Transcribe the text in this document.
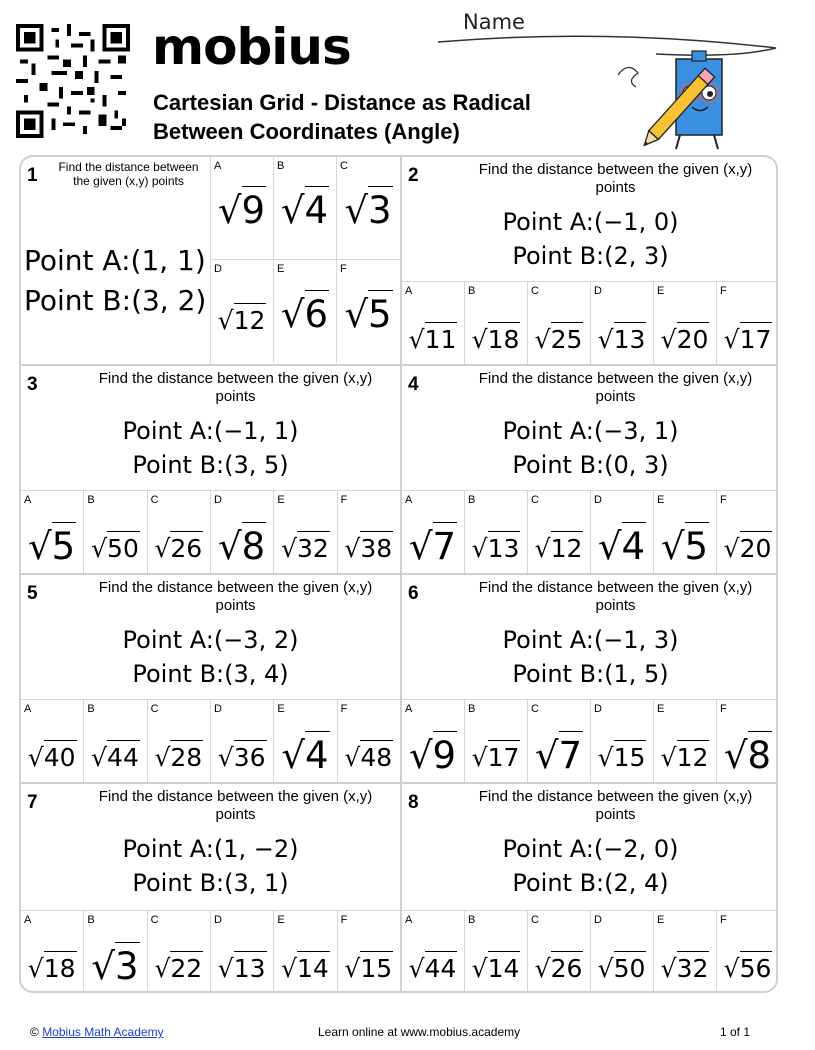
mobius
Cartesian Grid - Distance as Radical
Between Coordinates (Angle)
Name
1	Find the distance between the given (x,y) points
Point A:(1, 1)
Point B:(3, 2)
A
√9
B
√4
C
√3
D
√12
E
√6
F
√5
2	Find the distance between the given (x,y) points
Point A:(−1, 0)
Point B:(2, 3)
A
√11
B
√18
C
√25
D
√13
E
√20
F
√17
3	Find the distance between the given (x,y) points
Point A:(−1, 1)
Point B:(3, 5)
A
√5
B
√50
C
√26
D
√8
E
√32
F
√38
4	Find the distance between the given (x,y) points
Point A:(−3, 1)
Point B:(0, 3)
A
√7
B
√13
C
√12
D
√4
E
√5
F
√20
5	Find the distance between the given (x,y) points
Point A:(−3, 2)
Point B:(3, 4)
A
√40
B
√44
C
√28
D
√36
E
√4
F
√48
6	Find the distance between the given (x,y) points
Point A:(−1, 3)
Point B:(1, 5)
A
√9
B
√17
C
√7
D
√15
E
√12
F
√8
7	Find the distance between the given (x,y) points
Point A:(1, −2)
Point B:(3, 1)
A
√18
B
√3
C
√22
D
√13
E
√14
F
√15
8	Find the distance between the given (x,y) points
Point A:(−2, 0)
Point B:(2, 4)
A
√44
B
√14
C
√26
D
√50
E
√32
F
√56
© Mobius Math Academy	Learn online at www.mobius.academy	1 of 1
